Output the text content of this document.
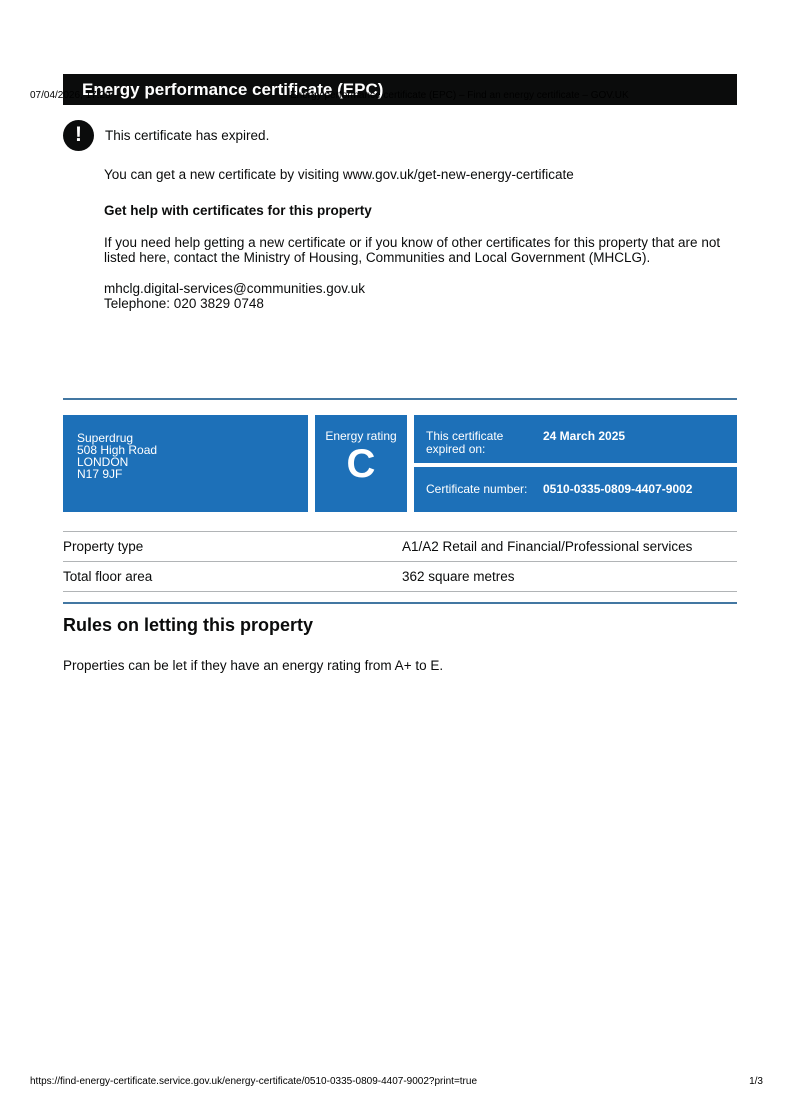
07/04/2026, 17:29	Energy performance certificate (EPC) – Find an energy certificate – GOV.UK
Energy performance certificate (EPC)
!	This certificate has expired.

You can get a new certificate by visiting www.gov.uk/get-new-energy-certificate

Get help with certificates for this property

If you need help getting a new certificate or if you know of other certificates for this property that are not listed here, contact the Ministry of Housing, Communities and Local Government (MHCLG).

mhclg.digital-services@communities.gov.uk
Telephone: 020 3829 0748

Superdrug
508 High Road
LONDON
N17 9JF
Energy rating
C
This certificate expired on:
24 March 2025
Certificate number:	0510-0335-0809-4407-9002
Property type	A1/A2 Retail and Financial/Professional services
Total floor area	362 square metres
Rules on letting this property

Properties can be let if they have an energy rating from A+ to E.

https://find-energy-certificate.service.gov.uk/energy-certificate/0510-0335-0809-4407-9002?print=true	1/3
